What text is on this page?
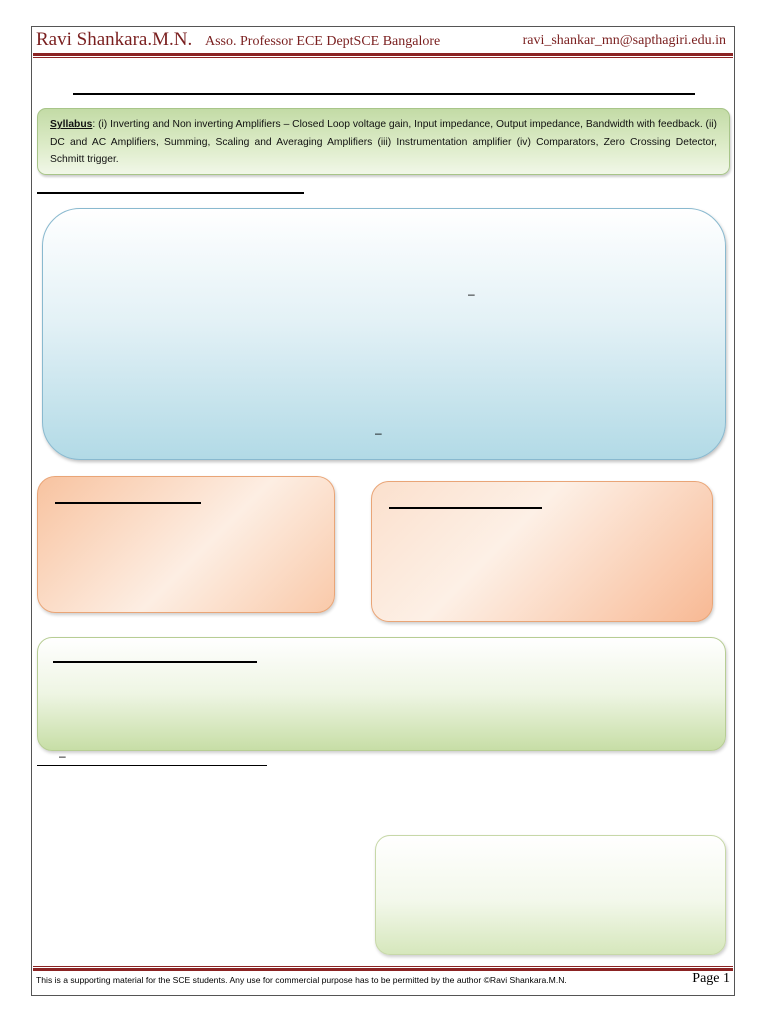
Ravi Shankara.M.N. Asso. Professor ECE DeptSCE Bangalore	ravi_shankar_mn@sapthagiri.edu.in
Syllabus: (i) Inverting and Non inverting Amplifiers – Closed Loop voltage gain, Input impedance, Output impedance, Bandwidth with feedback. (ii) DC and AC Amplifiers, Summing, Scaling and Averaging Amplifiers (iii) Instrumentation amplifier (iv) Comparators, Zero Crossing Detector, Schmitt trigger.
–
–
–
This is a supporting material for the SCE students. Any use for commercial purpose has to be permitted by the author ©Ravi Shankara.M.N.	Page 1
